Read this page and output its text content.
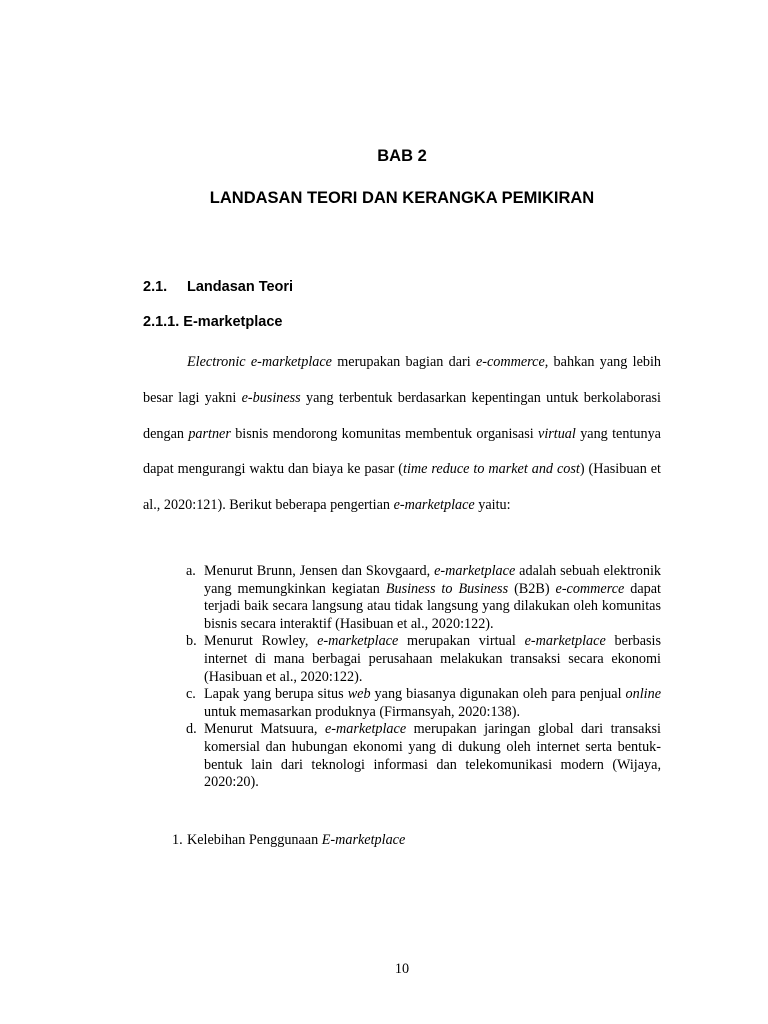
BAB 2
LANDASAN TEORI DAN KERANGKA PEMIKIRAN
2.1. Landasan Teori
2.1.1. E-marketplace

Electronic e-marketplace merupakan bagian dari e-commerce, bahkan yang lebih besar lagi yakni e-business yang terbentuk berdasarkan kepentingan untuk berkolaborasi dengan partner bisnis mendorong komunitas membentuk organisasi virtual yang tentunya dapat mengurangi waktu dan biaya ke pasar (time reduce to market and cost) (Hasibuan et al., 2020:121). Berikut beberapa pengertian e-marketplace yaitu:

a. Menurut Brunn, Jensen dan Skovgaard, e-marketplace adalah sebuah elektronik yang memungkinkan kegiatan Business to Business (B2B) e-commerce dapat terjadi baik secara langsung atau tidak langsung yang dilakukan oleh komunitas bisnis secara interaktif (Hasibuan et al., 2020:122).
b. Menurut Rowley, e-marketplace merupakan virtual e-marketplace berbasis internet di mana berbagai perusahaan melakukan transaksi secara ekonomi (Hasibuan et al., 2020:122).
c. Lapak yang berupa situs web yang biasanya digunakan oleh para penjual online untuk memasarkan produknya (Firmansyah, 2020:138).
d. Menurut Matsuura, e-marketplace merupakan jaringan global dari transaksi komersial dan hubungan ekonomi yang di dukung oleh internet serta bentuk-bentuk lain dari teknologi informasi dan telekomunikasi modern (Wijaya, 2020:20).
1. Kelebihan Penggunaan E-marketplace
10
